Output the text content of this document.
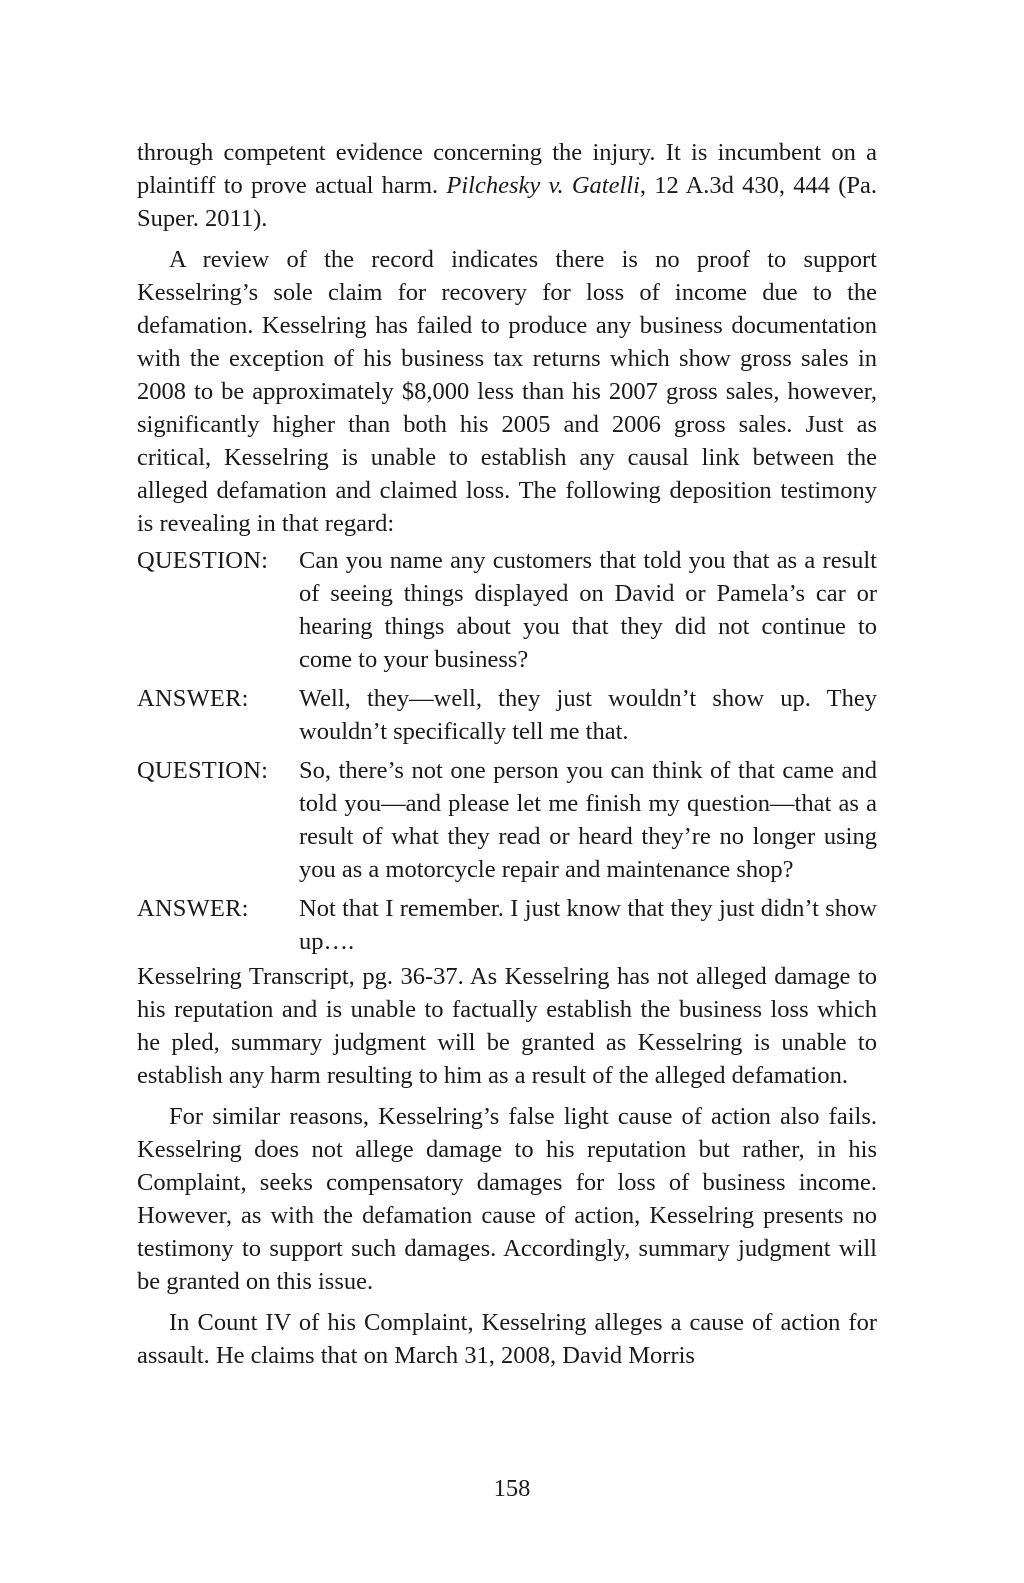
through competent evidence concerning the injury. It is incumbent on a plaintiff to prove actual harm. Pilchesky v. Gatelli, 12 A.3d 430, 444 (Pa. Super. 2011).

A review of the record indicates there is no proof to support Kesselring’s sole claim for recovery for loss of income due to the defamation. Kesselring has failed to produce any business documentation with the exception of his business tax returns which show gross sales in 2008 to be approximately $8,000 less than his 2007 gross sales, however, significantly higher than both his 2005 and 2006 gross sales. Just as critical, Kesselring is unable to establish any causal link between the alleged defamation and claimed loss. The following deposition testimony is revealing in that regard:

QUESTION:	Can you name any customers that told you that as a result of seeing things displayed on David or Pamela’s car or hearing things about you that they did not continue to come to your business?
ANSWER:	Well, they—well, they just wouldn’t show up. They wouldn’t specifically tell me that.
QUESTION:	So, there’s not one person you can think of that came and told you—and please let me finish my question—that as a result of what they read or heard they’re no longer using you as a motorcycle repair and maintenance shop?
ANSWER:	Not that I remember. I just know that they just didn’t show up….

Kesselring Transcript, pg. 36-37. As Kesselring has not alleged damage to his reputation and is unable to factually establish the business loss which he pled, summary judgment will be granted as Kesselring is unable to establish any harm resulting to him as a result of the alleged defamation.

For similar reasons, Kesselring’s false light cause of action also fails. Kesselring does not allege damage to his reputation but rather, in his Complaint, seeks compensatory damages for loss of business income. However, as with the defamation cause of action, Kesselring presents no testimony to support such damages. Accordingly, summary judgment will be granted on this issue.

In Count IV of his Complaint, Kesselring alleges a cause of action for assault. He claims that on March 31, 2008, David Morris

158
